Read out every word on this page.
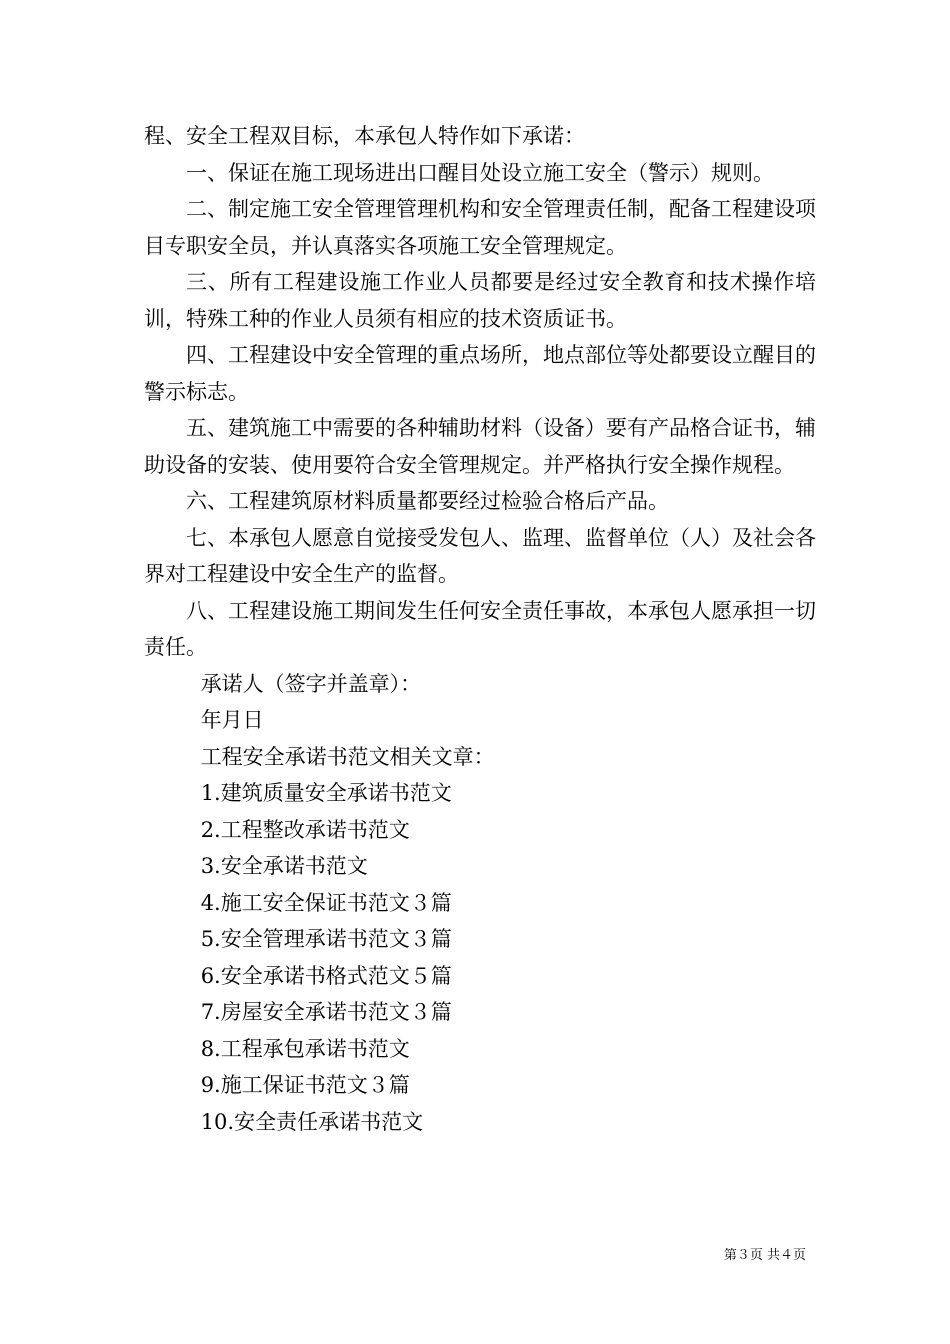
程、安全工程双目标，本承包人特作如下承诺：

一、保证在施工现场进出口醒目处设立施工安全（警示）规则。

二、制定施工安全管理管理机构和安全管理责任制，配备工程建设项目专职安全员，并认真落实各项施工安全管理规定。

三、所有工程建设施工作业人员都要是经过安全教育和技术操作培训，特殊工种的作业人员须有相应的技术资质证书。

四、工程建设中安全管理的重点场所，地点部位等处都要设立醒目的警示标志。

五、建筑施工中需要的各种辅助材料（设备）要有产品格合证书，辅助设备的安装、使用要符合安全管理规定。并严格执行安全操作规程。

六、工程建筑原材料质量都要经过检验合格后产品。

七、本承包人愿意自觉接受发包人、监理、监督单位（人）及社会各界对工程建设中安全生产的监督。

八、工程建设施工期间发生任何安全责任事故，本承包人愿承担一切责任。

承诺人（签字并盖章）：

年月日

工程安全承诺书范文相关文章：

1.建筑质量安全承诺书范文

2.工程整改承诺书范文

3.安全承诺书范文

4.施工安全保证书范文３篇

5.安全管理承诺书范文３篇

6.安全承诺书格式范文５篇

7.房屋安全承诺书范文３篇

8.工程承包承诺书范文

9.施工保证书范文３篇

10.安全责任承诺书范文

第３页 共４页
